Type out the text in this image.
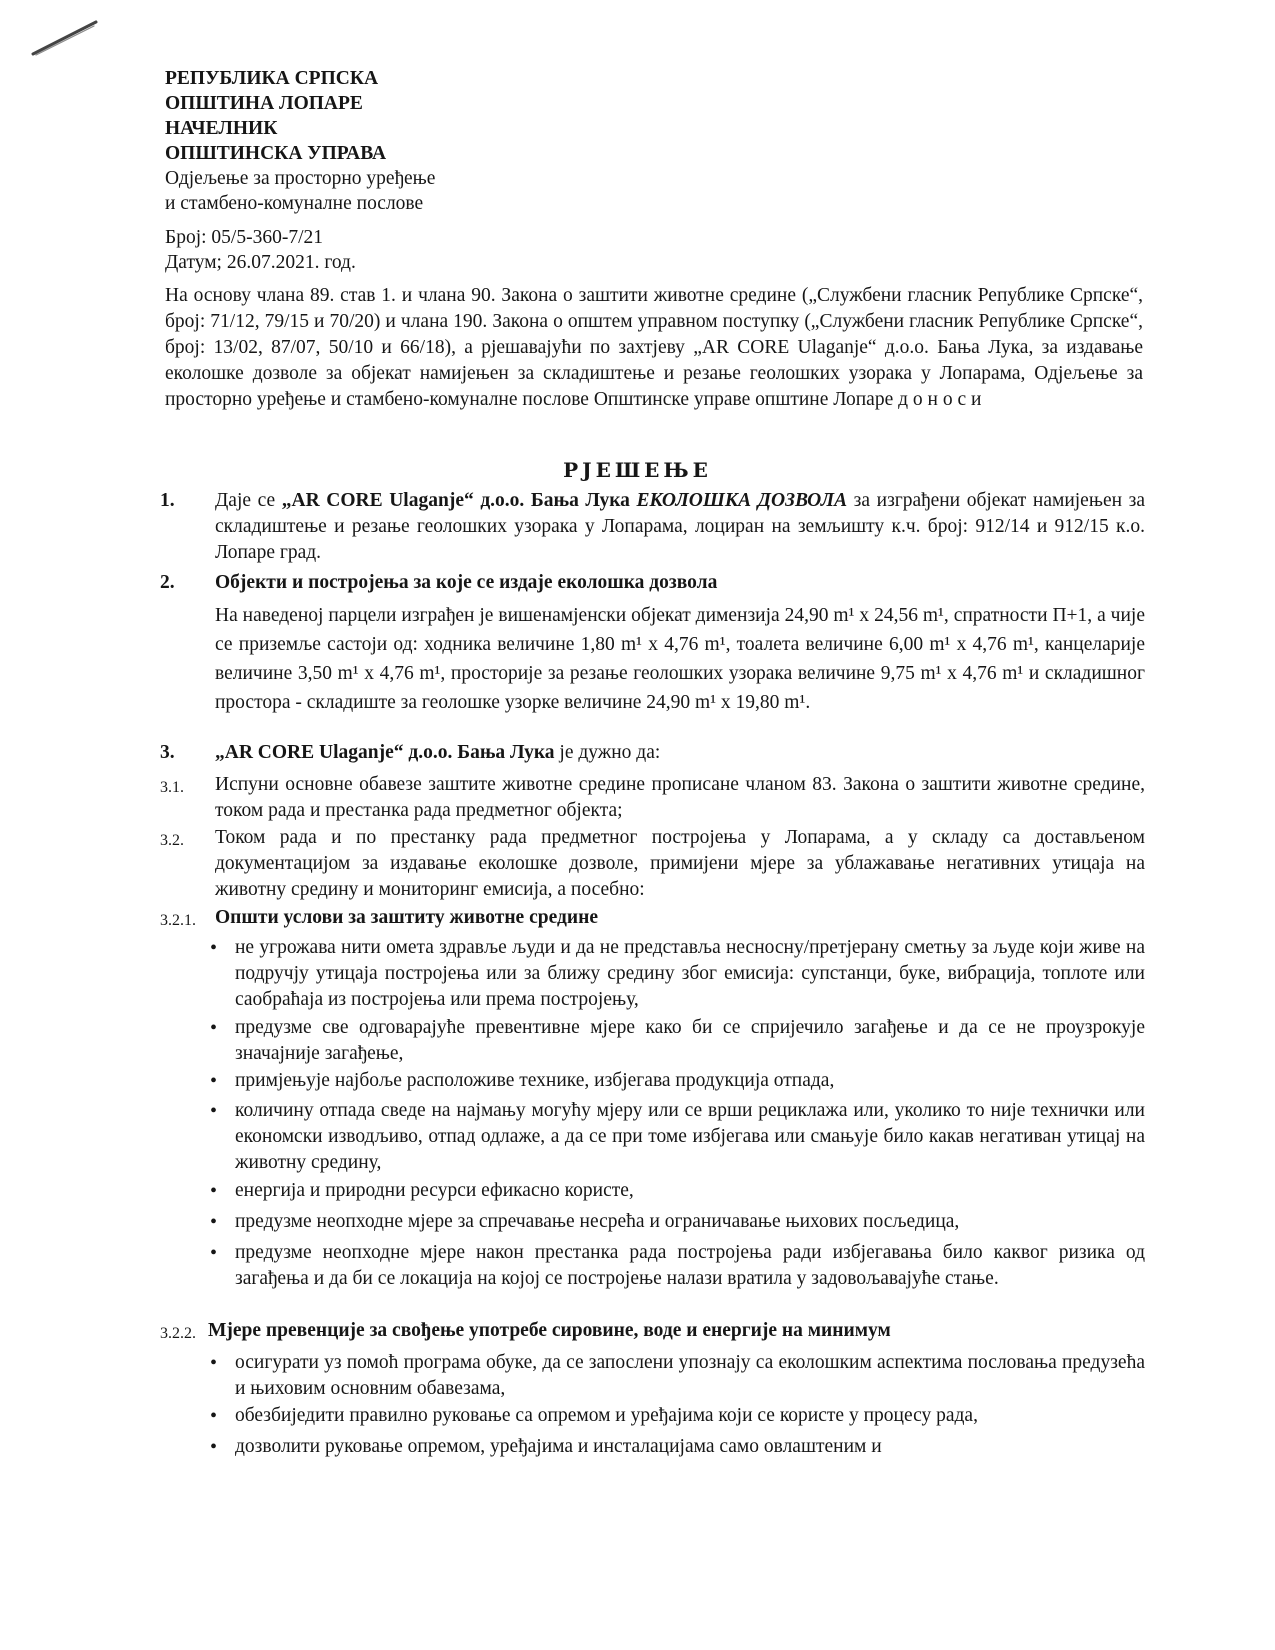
РЕПУБЛИКА СРПСКА
ОПШТИНА ЛОПАРЕ
НАЧЕЛНИК
ОПШТИНСКА УПРАВА
Одјељење за просторно уређење
и стамбено-комуналне послове
Број: 05/5-360-7/21
Датум; 26.07.2021. год.

На основу члана 89. став 1. и члана 90. Закона о заштити животне средине („Службени гласник Републике Српске“, број: 71/12, 79/15 и 70/20) и члана 190. Закона о општем управном поступку („Службени гласник Републике Српске“, број: 13/02, 87/07, 50/10 и 66/18), а рјешавајући по захтјеву „AR CORE Ulaganje“ д.о.о. Бања Лука, за издавање еколошке дозволе за објекат намијењен за складиштење и резање геолошких узорака у Лопарама, Одјељење за просторно уређење и стамбено-комуналне послове Општинске управе општине Лопаре д о н о с и

РЈЕШЕЊЕ
1. Даје се „AR CORE Ulaganje“ д.о.о. Бања Лука ЕКОЛОШКА ДОЗВОЛА за изграђени објекат намијењен за складиштење и резање геолошких узорака у Лопарама, лоциран на земљишту к.ч. број: 912/14 и 912/15 к.о. Лопаре град.
2. Објекти и постројења за које се издаје еколошка дозвола
На наведеној парцели изграђен је вишенамјенски објекат димензија 24,90 m¹ x 24,56 m¹, спратности П+1, а чије се приземље састоји од: ходника величине 1,80 m¹ x 4,76 m¹, тоалета величине 6,00 m¹ x 4,76 m¹, канцеларије величине 3,50 m¹ x 4,76 m¹, просторије за резање геолошких узорака величине 9,75 m¹ x 4,76 m¹ и складишног простора - складиште за геолошке узорке величине 24,90 m¹ x 19,80 m¹.
3. „AR CORE Ulaganje“ д.о.о. Бања Лука је дужно да:
3.1. Испуни основне обавезе заштите животне средине прописане чланом 83. Закона о заштити животне средине, током рада и престанка рада предметног објекта;
3.2. Током рада и по престанку рада предметног постројења у Лопарама, а у складу са достављеном документацијом за издавање еколошке дозволе, примијени мјере за ублажавање негативних утицаја на животну средину и мониторинг емисија, а посебно:
3.2.1. Општи услови за заштиту животне средине
• не угрожава нити омета здравље људи и да не представља несносну/претјерану сметњу за људе који живе на подручју утицаја постројења или за ближу средину због емисија: супстанци, буке, вибрација, топлоте или саобраћаја из постројења или према постројењу,
• предузме све одговарајуће превентивне мјере како би се спријечило загађење и да се не проузрокује значајније загађење,
• примјењује најбоље расположиве технике, избјегава продукција отпада,
• количину отпада сведе на најмању могућу мјеру или се врши рециклажа или, уколико то није технички или економски изводљиво, отпад одлаже, а да се при томе избјегава или смањује било какав негативан утицај на животну средину,
• енергија и природни ресурси ефикасно користе,
• предузме неопходне мјере за спречавање несрећа и ограничавање њихових посљедица,
• предузме неопходне мјере након престанка рада постројења ради избјегавања било каквог ризика од загађења и да би се локација на којој се постројење налази вратила у задовољавајуће стање.
3.2.2. Мјере превенције за свођење употребе сировине, воде и енергије на минимум
• осигурати уз помоћ програма обуке, да се запослени упознају са еколошким аспектима пословања предузећа и њиховим основним обавезама,
• обезбиједити правилно руковање са опремом и уређајима који се користе у процесу рада,
• дозволити руковање опремом, уређајима и инсталацијама само овлаштеним и
